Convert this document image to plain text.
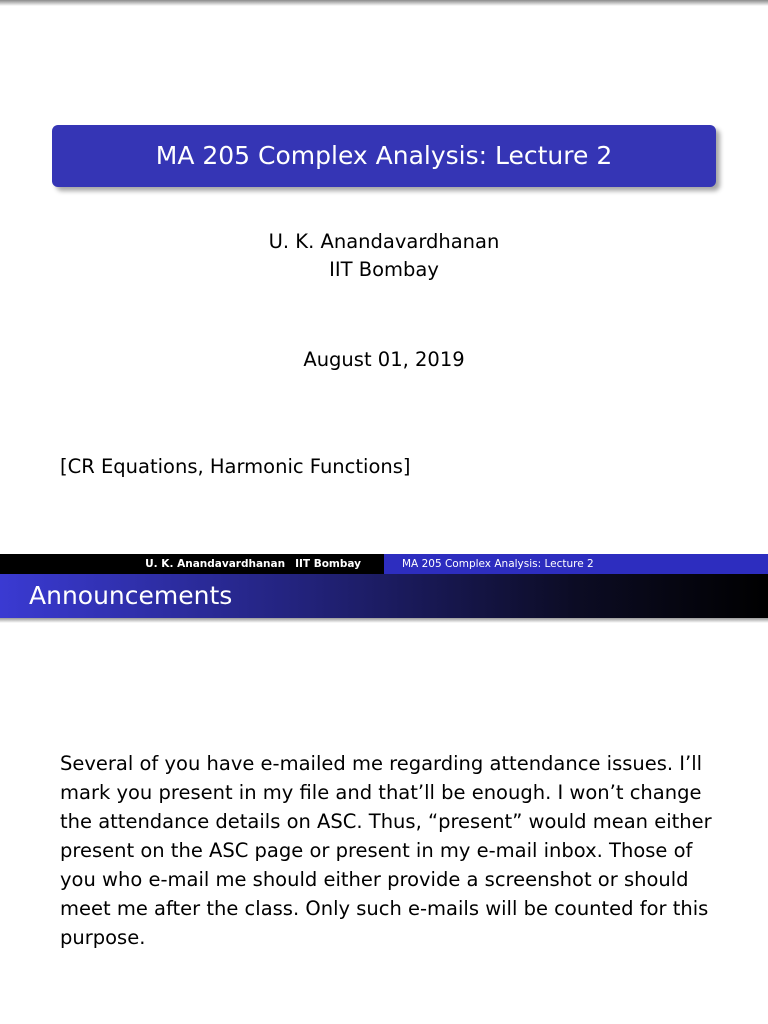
MA 205 Complex Analysis: Lecture 2
U. K. Anandavardhanan
IIT Bombay
August 01, 2019
[CR Equations, Harmonic Functions]
U. K. Anandavardhanan IIT Bombay	MA 205 Complex Analysis: Lecture 2
Announcements
Several of you have e-mailed me regarding attendance issues. I’ll mark you present in my file and that’ll be enough. I won’t change the attendance details on ASC. Thus, “present” would mean either present on the ASC page or present in my e-mail inbox. Those of you who e-mail me should either provide a screenshot or should meet me after the class. Only such e-mails will be counted for this purpose.
